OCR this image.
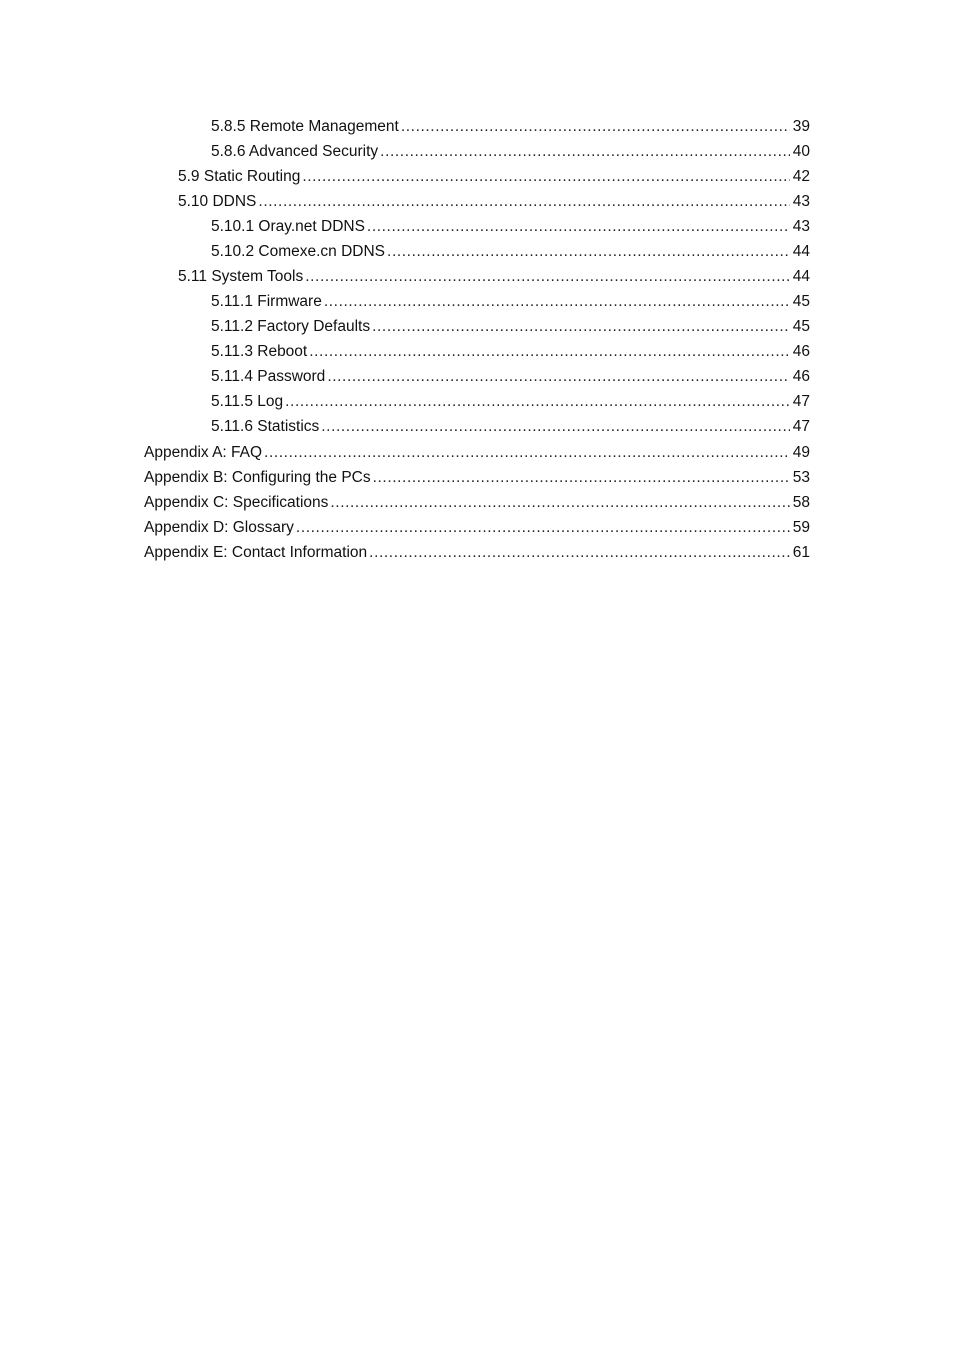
5.8.5 Remote Management .....	39
5.8.6 Advanced Security .....	40
5.9 Static Routing .....	42
5.10 DDNS .....	43
5.10.1 Oray.net DDNS .....	43
5.10.2 Comexe.cn DDNS .....	44
5.11 System Tools .....	44
5.11.1 Firmware .....	45
5.11.2 Factory Defaults .....	45
5.11.3 Reboot .....	46
5.11.4 Password .....	46
5.11.5 Log .....	47
5.11.6 Statistics .....	47
Appendix A: FAQ .....	49
Appendix B: Configuring the PCs .....	53
Appendix C: Specifications .....	58
Appendix D: Glossary .....	59
Appendix E: Contact Information .....	61
